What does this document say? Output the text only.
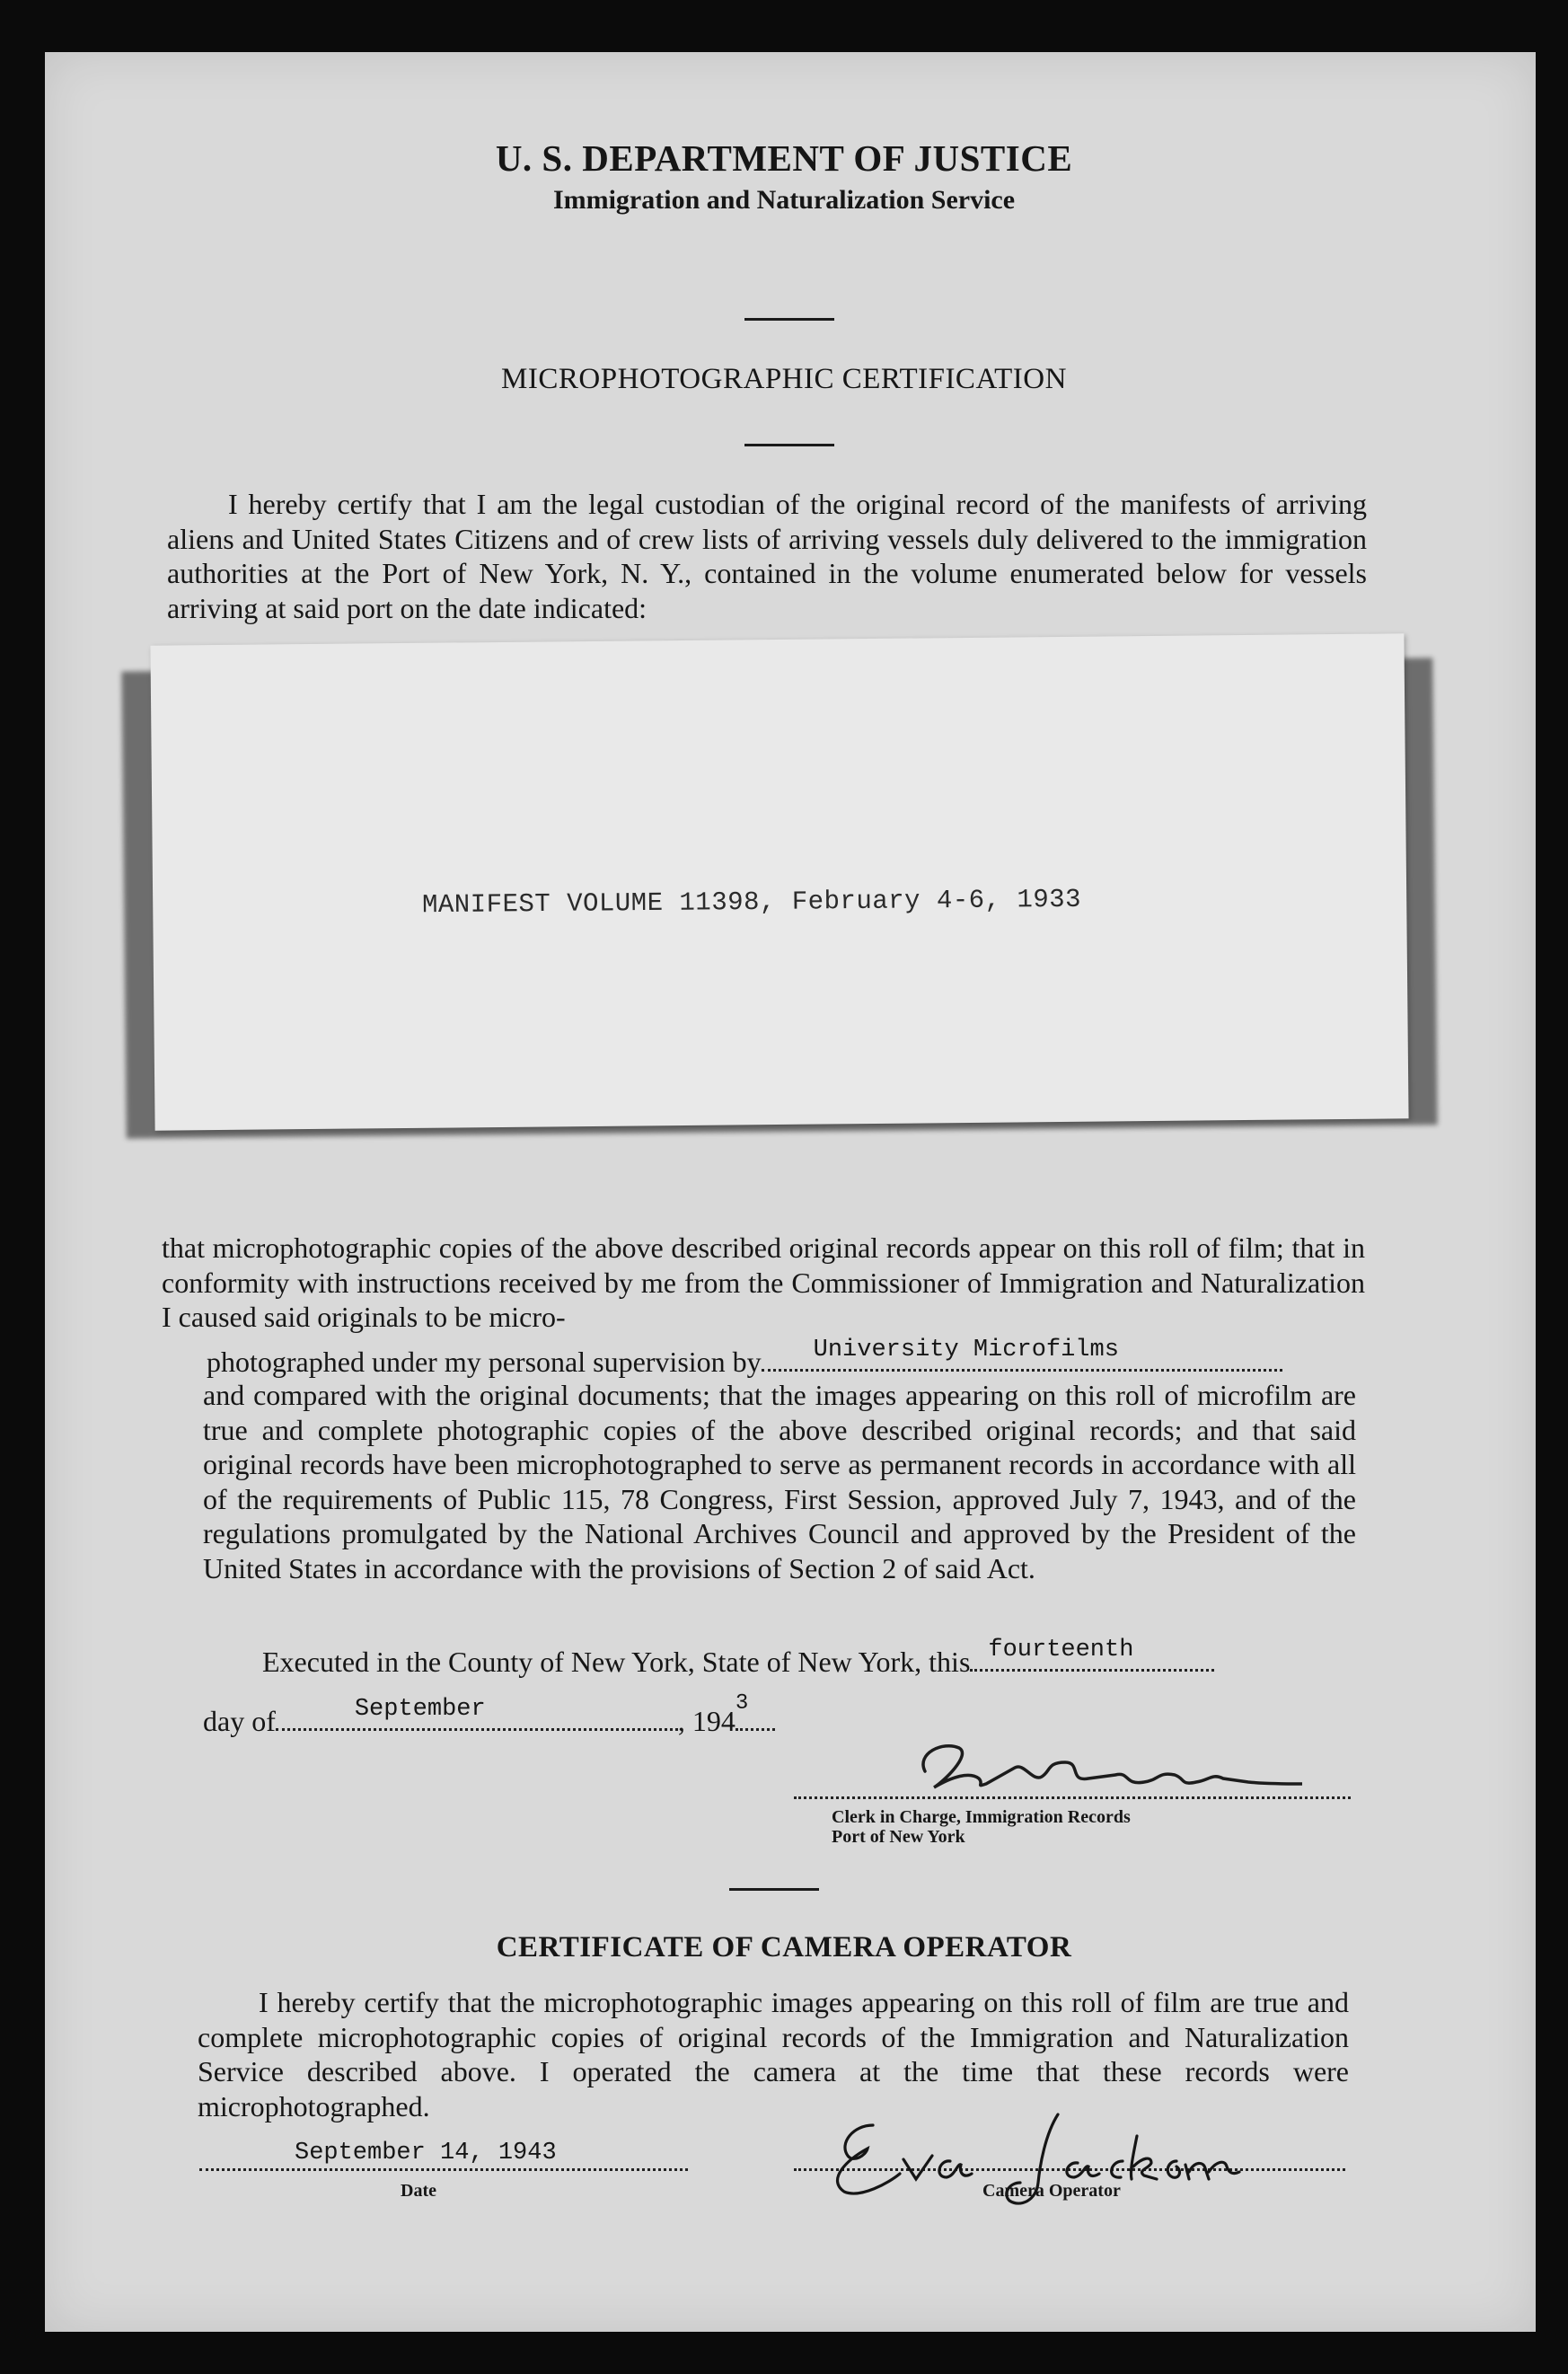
U. S. DEPARTMENT OF JUSTICE
Immigration and Naturalization Service
MICROPHOTOGRAPHIC CERTIFICATION
I hereby certify that I am the legal custodian of the original record of the manifests of arriving aliens and United States Citizens and of crew lists of arriving vessels duly delivered to the immigration authorities at the Port of New York, N. Y., contained in the volume enumerated below for vessels arriving at said port on the date indicated:
MANIFEST VOLUME 11398, February 4-6, 1933
that microphotographic copies of the above described original records appear on this roll of film; that in conformity with instructions received by me from the Commissioner of Immigration and Naturalization I caused said originals to be micro-
photographed under my personal supervision by University Microfilms
and compared with the original documents; that the images appearing on this roll of microfilm are true and complete photographic copies of the above described original records; and that said original records have been microphotographed to serve as permanent records in accordance with all of the requirements of Public 115, 78 Congress, First Session, approved July 7, 1943, and of the regulations promulgated by the National Archives Council and approved by the President of the United States in accordance with the provisions of Section 2 of said Act.
Executed in the County of New York, State of New York, this fourteenth
day of	September	, 194
3
Clerk in Charge, Immigration Records
Port of New York
CERTIFICATE OF CAMERA OPERATOR
I hereby certify that the microphotographic images appearing on this roll of film are true and complete microphotographic copies of original records of the Immigration and Naturalization Service described above. I operated the camera at the time that these records were microphotographed.
September 14, 1943
Date	Camera Operator
